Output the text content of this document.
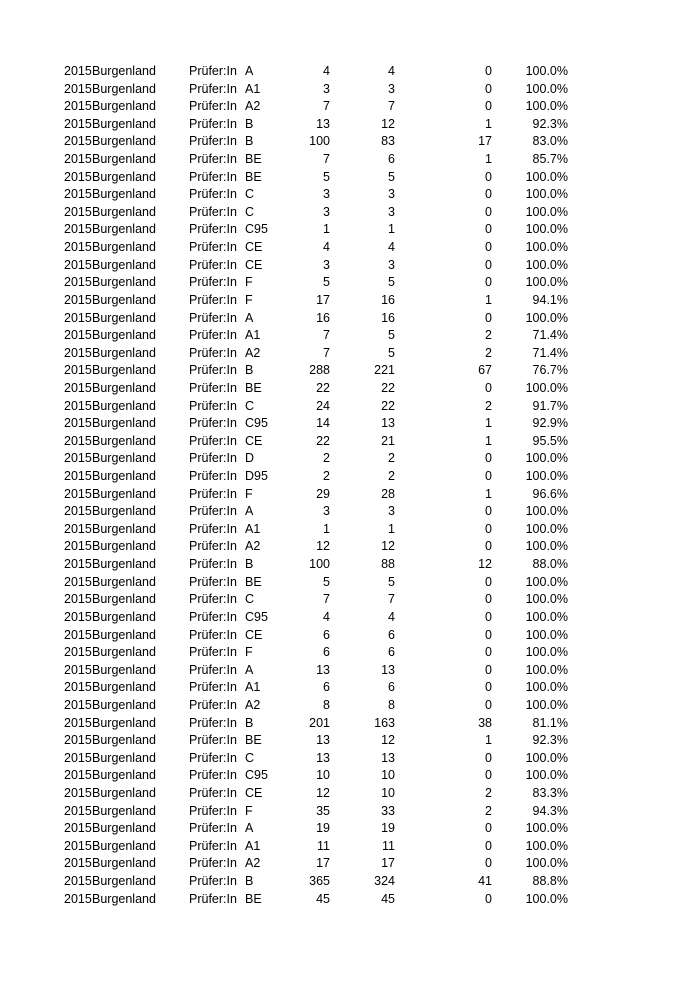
2015 Burgenland	Prüfer:In A	4	4	0	100.0%
2015 Burgenland	Prüfer:In A1	3	3	0	100.0%
2015 Burgenland	Prüfer:In A2	7	7	0	100.0%
2015 Burgenland	Prüfer:In B	13	12	1	92.3%
2015 Burgenland	Prüfer:In B	100	83	17	83.0%
2015 Burgenland	Prüfer:In BE	7	6	1	85.7%
2015 Burgenland	Prüfer:In BE	5	5	0	100.0%
2015 Burgenland	Prüfer:In C	3	3	0	100.0%
2015 Burgenland	Prüfer:In C	3	3	0	100.0%
2015 Burgenland	Prüfer:In C95	1	1	0	100.0%
2015 Burgenland	Prüfer:In CE	4	4	0	100.0%
2015 Burgenland	Prüfer:In CE	3	3	0	100.0%
2015 Burgenland	Prüfer:In F	5	5	0	100.0%
2015 Burgenland	Prüfer:In F	17	16	1	94.1%
2015 Burgenland	Prüfer:In A	16	16	0	100.0%
2015 Burgenland	Prüfer:In A1	7	5	2	71.4%
2015 Burgenland	Prüfer:In A2	7	5	2	71.4%
2015 Burgenland	Prüfer:In B	288	221	67	76.7%
2015 Burgenland	Prüfer:In BE	22	22	0	100.0%
2015 Burgenland	Prüfer:In C	24	22	2	91.7%
2015 Burgenland	Prüfer:In C95	14	13	1	92.9%
2015 Burgenland	Prüfer:In CE	22	21	1	95.5%
2015 Burgenland	Prüfer:In D	2	2	0	100.0%
2015 Burgenland	Prüfer:In D95	2	2	0	100.0%
2015 Burgenland	Prüfer:In F	29	28	1	96.6%
2015 Burgenland	Prüfer:In A	3	3	0	100.0%
2015 Burgenland	Prüfer:In A1	1	1	0	100.0%
2015 Burgenland	Prüfer:In A2	12	12	0	100.0%
2015 Burgenland	Prüfer:In B	100	88	12	88.0%
2015 Burgenland	Prüfer:In BE	5	5	0	100.0%
2015 Burgenland	Prüfer:In C	7	7	0	100.0%
2015 Burgenland	Prüfer:In C95	4	4	0	100.0%
2015 Burgenland	Prüfer:In CE	6	6	0	100.0%
2015 Burgenland	Prüfer:In F	6	6	0	100.0%
2015 Burgenland	Prüfer:In A	13	13	0	100.0%
2015 Burgenland	Prüfer:In A1	6	6	0	100.0%
2015 Burgenland	Prüfer:In A2	8	8	0	100.0%
2015 Burgenland	Prüfer:In B	201	163	38	81.1%
2015 Burgenland	Prüfer:In BE	13	12	1	92.3%
2015 Burgenland	Prüfer:In C	13	13	0	100.0%
2015 Burgenland	Prüfer:In C95	10	10	0	100.0%
2015 Burgenland	Prüfer:In CE	12	10	2	83.3%
2015 Burgenland	Prüfer:In F	35	33	2	94.3%
2015 Burgenland	Prüfer:In A	19	19	0	100.0%
2015 Burgenland	Prüfer:In A1	11	11	0	100.0%
2015 Burgenland	Prüfer:In A2	17	17	0	100.0%
2015 Burgenland	Prüfer:In B	365	324	41	88.8%
2015 Burgenland	Prüfer:In BE	45	45	0	100.0%
